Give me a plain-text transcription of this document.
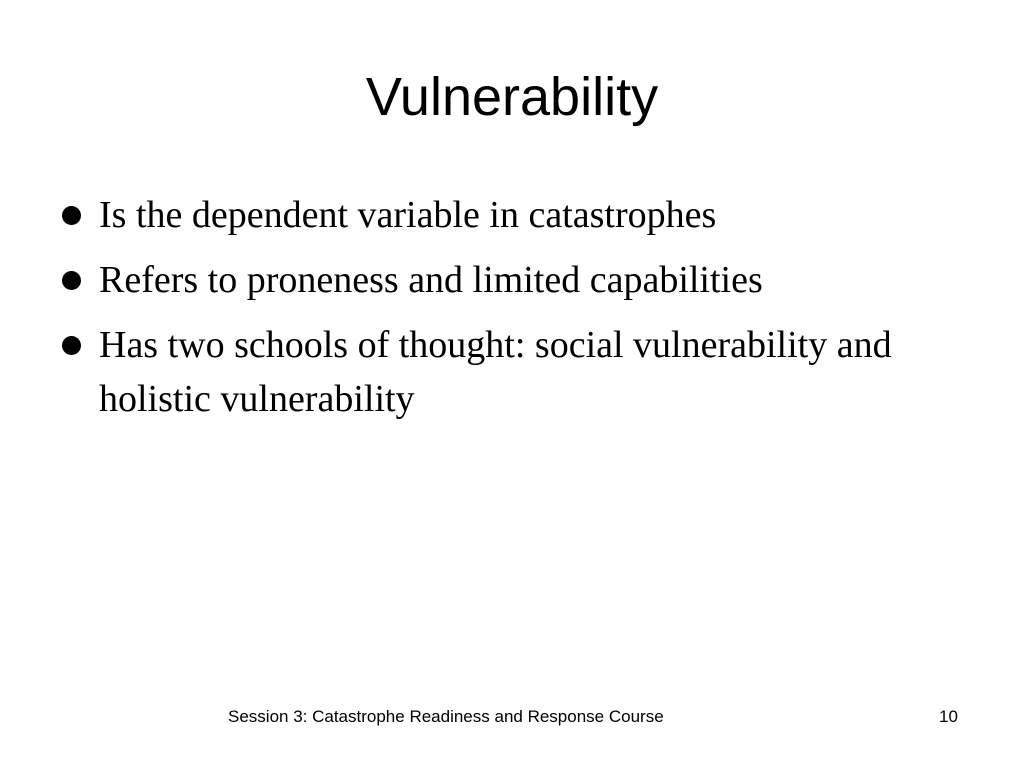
Vulnerability
Is the dependent variable in catastrophes
Refers to proneness and limited capabilities
Has two schools of thought: social vulnerability and holistic vulnerability
Session 3: Catastrophe Readiness and Response Course	10
